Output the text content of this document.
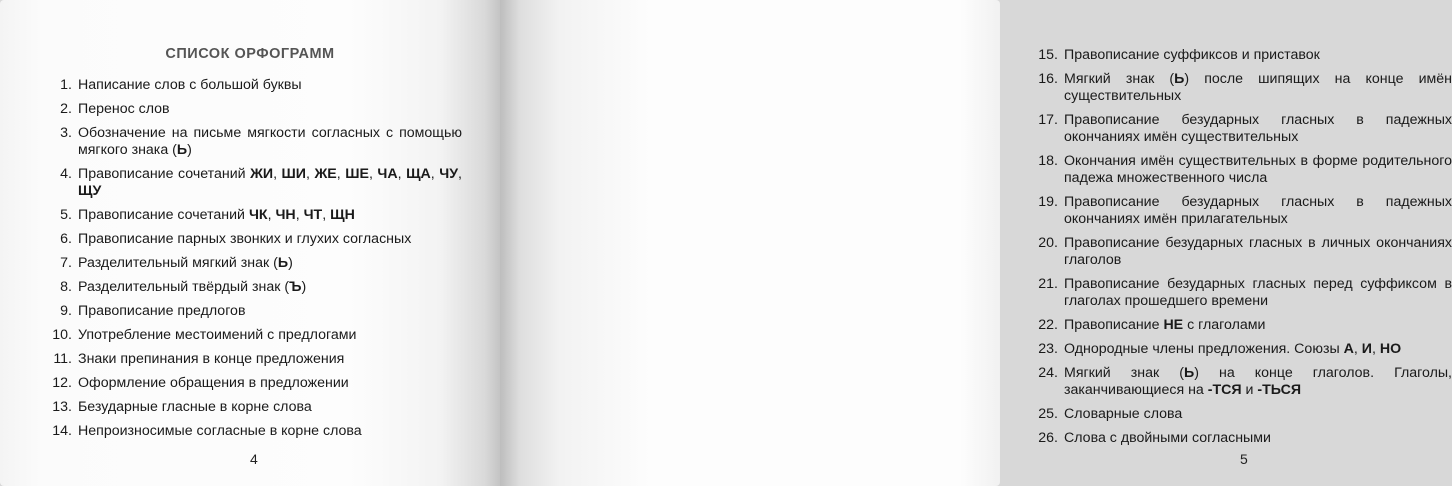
СПИСОК ОРФОГРАММ
1. Написание слов с большой буквы
2. Перенос слов
3. Обозначение на письме мягкости согласных с помощью мягкого знака (Ь)
4. Правописание сочетаний ЖИ, ШИ, ЖЕ, ШЕ, ЧА, ЩА, ЧУ, ЩУ
5. Правописание сочетаний ЧК, ЧН, ЧТ, ЩН
6. Правописание парных звонких и глухих согласных
7. Разделительный мягкий знак (Ь)
8. Разделительный твёрдый знак (Ъ)
9. Правописание предлогов
10. Употребление местоимений с предлогами
11. Знаки препинания в конце предложения
12. Оформление обращения в предложении
13. Безударные гласные в корне слова
14. Непроизносимые согласные в корне слова
4
15. Правописание суффиксов и приставок
16. Мягкий знак (Ь) после шипящих на конце имён существительных
17. Правописание безударных гласных в падежных окончаниях имён существительных
18. Окончания имён существительных в форме родительного падежа множественного числа
19. Правописание безударных гласных в падежных окончаниях имён прилагательных
20. Правописание безударных гласных в личных окончаниях глаголов
21. Правописание безударных гласных перед суффиксом в глаголах прошедшего времени
22. Правописание НЕ с глаголами
23. Однородные члены предложения. Союзы А, И, НО
24. Мягкий знак (Ь) на конце глаголов. Глаголы, заканчивающиеся на -ТСЯ и -ТЬСЯ
25. Словарные слова
26. Слова с двойными согласными
5
